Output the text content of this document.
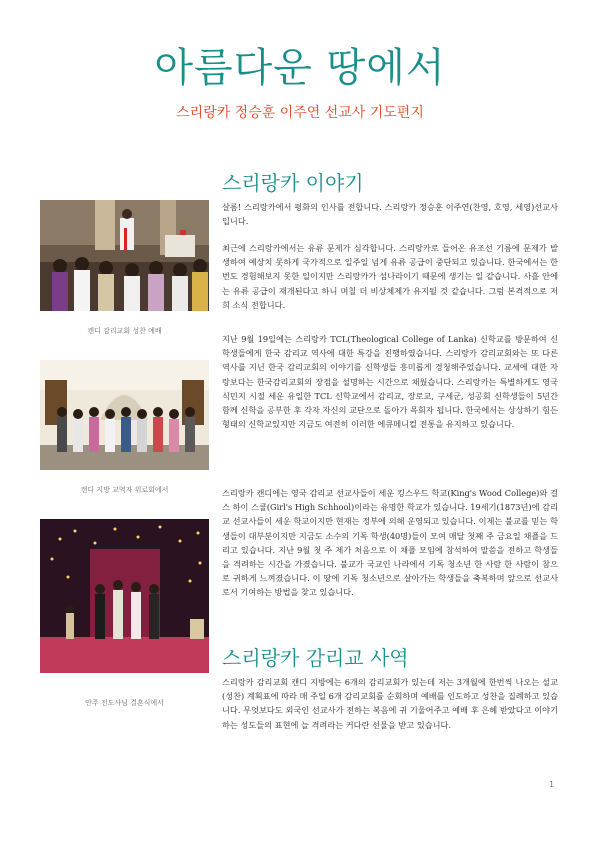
아름다운 땅에서
스리랑카 정승훈 이주연 선교사 기도편지
캔디 감리교회 성찬 예배
캔디 지방 교역자 위로회에서
안주 전도사님 결혼식에서
스리랑카 이야기

살롬! 스리랑카에서 평화의 인사를 전합니다. 스리랑카 정승훈 이주연(찬영, 호영, 세영)선교사입니다.

최근에 스리랑카에서는 유류 문제가 심각합니다. 스리랑카로 들어온 유조선 기름에 문제가 발생하여 예상치 못하게 국가적으로 일주일 넘게 유류 공급이 중단되고 있습니다. 한국에서는 한번도 경험해보지 못한 일이지만 스리랑카가 섬나라이기 때문에 생기는 일 같습니다. 사흘 안에는 유류 공급이 재개된다고 하니 며칠 더 비상체제가 유지될 것 같습니다. 그럼 본격적으로 저희 소식 전합니다.

지난 9월 19일에는 스리랑카 TCL(Theological College of Lanka) 신학교를 방문하여 신학생들에게 한국 감리교 역사에 대한 특강을 진행하였습니다. 스리랑카 감리교회와는 또 다른 역사를 지닌 한국 감리교회의 이야기를 신학생들 흥미롭게 경청해주었습니다. 교세에 대한 자랑보다는 한국감리교회의 장점을 설명하는 시간으로 채웠습니다. 스리랑카는 특별하게도 영국 식민지 시절 세운 유일한 TCL 신학교에서 감리교, 장로교, 구세군, 성공회 신학생들이 5년간 함께 신학을 공부한 후 각자 자신의 교단으로 돌아가 목회자 됩니다. 한국에서는 상상하기 힘든 형태의 신학교있지만 지금도 여전히 이러한 에큐메니컬 전통을 유지하고 있습니다.

스리랑카 캔디에는 영국 감리교 선교사들이 세운 킹스우드 학교(King's Wood College)와 걸스 하이 스쿨(Girl's High Schhool)이라는 유명한 학교가 있습니다. 19세기(1873년)에 감리교 선교사들이 세운 학교이지만 현재는 정부에 의해 운영되고 있습니다. 이제는 불교를 믿는 학생들이 대부분이지만 지금도 소수의 기독 학생(40명)들이 모여 매달 첫째 주 금요일 채플을 드리고 있습니다. 지난 9월 첫 주 제가 처음으로 이 채플 모임에 참석하여 말씀을 전하고 학생들을 격려하는 시간을 가졌습니다. 불교가 국교인 나라에서 기독 청소년 한 사람 한 사람이 참으로 귀하게 느껴졌습니다. 이 땅에 기독 청소년으로 살아가는 학생들을 축복하며 앞으로 선교사로서 기여하는 방법을 찾고 있습니다.

스리랑카 감리교 사역

스리랑카 감리교회 캔디 지방에는 6개의 감리교회가 있는데 저는 3개월에 한번씩 나오는 설교(성찬) 계획표에 따라 매 주일 6개 감리교회를 순회하며 예배를 인도하고 성찬을 집례하고 있습니다. 무엇보다도 외국인 선교사가 전하는 복음에 귀 기울어주고 예배 후 은혜 받았다고 이야기하는 성도들의 표현에 늘 격려라는 커다란 선물을 받고 있습니다.

1
